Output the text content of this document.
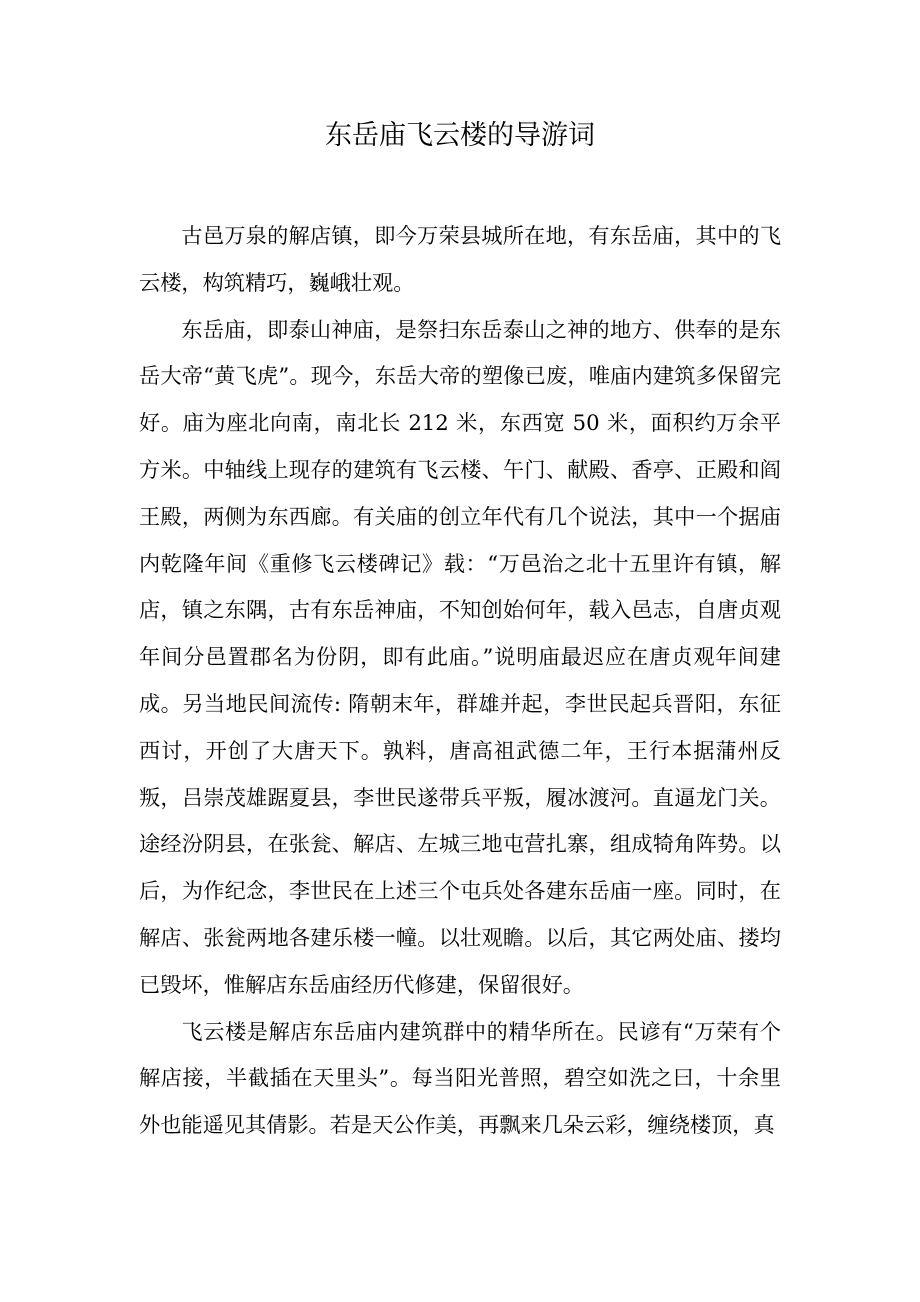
东岳庙飞云楼的导游词

古邑万泉的解店镇，即今万荣县城所在地，有东岳庙，其中的飞云楼，构筑精巧，巍峨壮观。

东岳庙，即泰山神庙，是祭扫东岳泰山之神的地方、供奉的是东岳大帝“黄飞虎”。现今，东岳大帝的塑像已废，唯庙内建筑多保留完好。庙为座北向南，南北长 212 米，东西宽 50 米，面积约万余平方米。中轴线上现存的建筑有飞云楼、午门、献殿、香亭、正殿和阎王殿，两侧为东西廊。有关庙的创立年代有几个说法，其中一个据庙内乾隆年间《重修飞云楼碑记》载：“万邑治之北十五里许有镇，解店，镇之东隅，古有东岳神庙，不知创始何年，载入邑志，自唐贞观年间分邑置郡名为份阴，即有此庙。”说明庙最迟应在唐贞观年间建成。另当地民间流传: 隋朝末年，群雄并起，李世民起兵晋阳，东征西讨，开创了大唐天下。孰料，唐高祖武德二年，王行本据蒲州反叛，吕崇茂雄踞夏县，李世民遂带兵平叛，履冰渡河。直逼龙门关。途经汾阴县，在张瓮、解店、左城三地屯营扎寨，组成犄角阵势。以后，为作纪念，李世民在上述三个屯兵处各建东岳庙一座。同时，在解店、张瓮两地各建乐楼一幢。以壮观瞻。以后，其它两处庙、搂均已毁坏，惟解店东岳庙经历代修建，保留很好。

飞云楼是解店东岳庙内建筑群中的精华所在。民谚有“万荣有个解店接，半截插在天里头”。每当阳光普照，碧空如洗之曰，十余里外也能遥见其倩影。若是天公作美，再飘来几朵云彩，缠绕楼顶，真
